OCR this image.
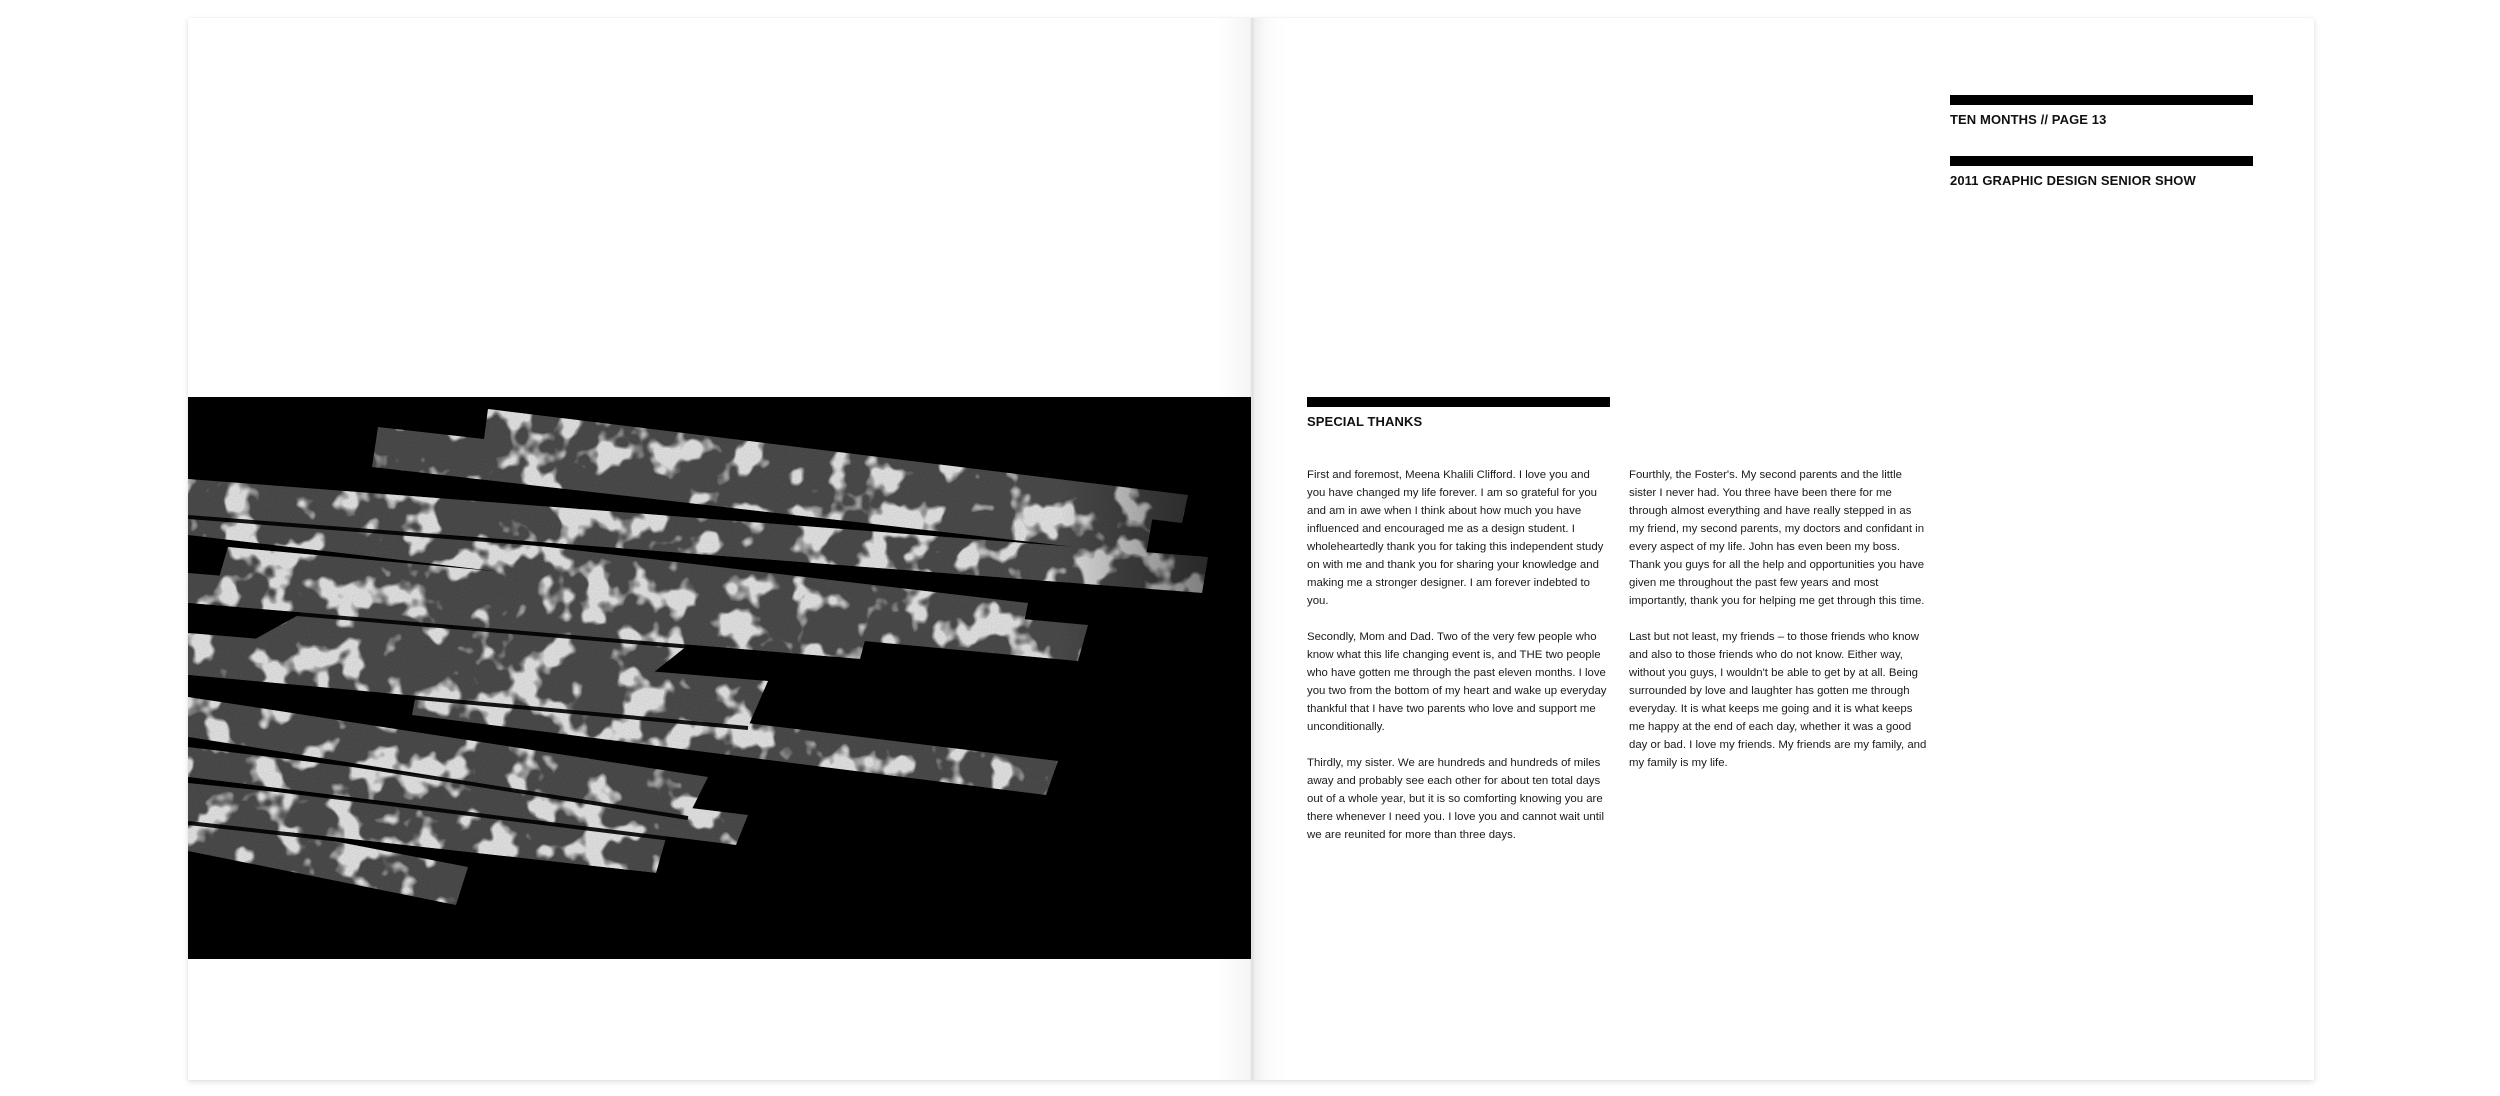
TEN MONTHS // PAGE 13
2011 GRAPHIC DESIGN SENIOR SHOW
SPECIAL THANKS

First and foremost, Meena Khalili Clifford. I love you and you have changed my life forever. I am so grateful for you and am in awe when I think about how much you have influenced and encouraged me as a design student. I wholeheartedly thank you for taking this independent study on with me and thank you for sharing your knowledge and making me a stronger designer. I am forever indebted to you.

Secondly, Mom and Dad. Two of the very few people who know what this life changing event is, and THE two people who have gotten me through the past eleven months. I love you two from the bottom of my heart and wake up everyday thankful that I have two parents who love and support me unconditionally.

Thirdly, my sister. We are hundreds and hundreds of miles away and probably see each other for about ten total days out of a whole year, but it is so comforting knowing you are there whenever I need you. I love you and cannot wait until we are reunited for more than three days.

Fourthly, the Foster's. My second parents and the little sister I never had. You three have been there for me through almost everything and have really stepped in as my friend, my second parents, my doctors and confidant in every aspect of my life. John has even been my boss. Thank you guys for all the help and opportunities you have given me throughout the past few years and most importantly, thank you for helping me get through this time.

Last but not least, my friends – to those friends who know and also to those friends who do not know. Either way, without you guys, I wouldn't be able to get by at all. Being surrounded by love and laughter has gotten me through everyday. It is what keeps me going and it is what keeps me happy at the end of each day, whether it was a good day or bad. I love my friends. My friends are my family, and my family is my life.
